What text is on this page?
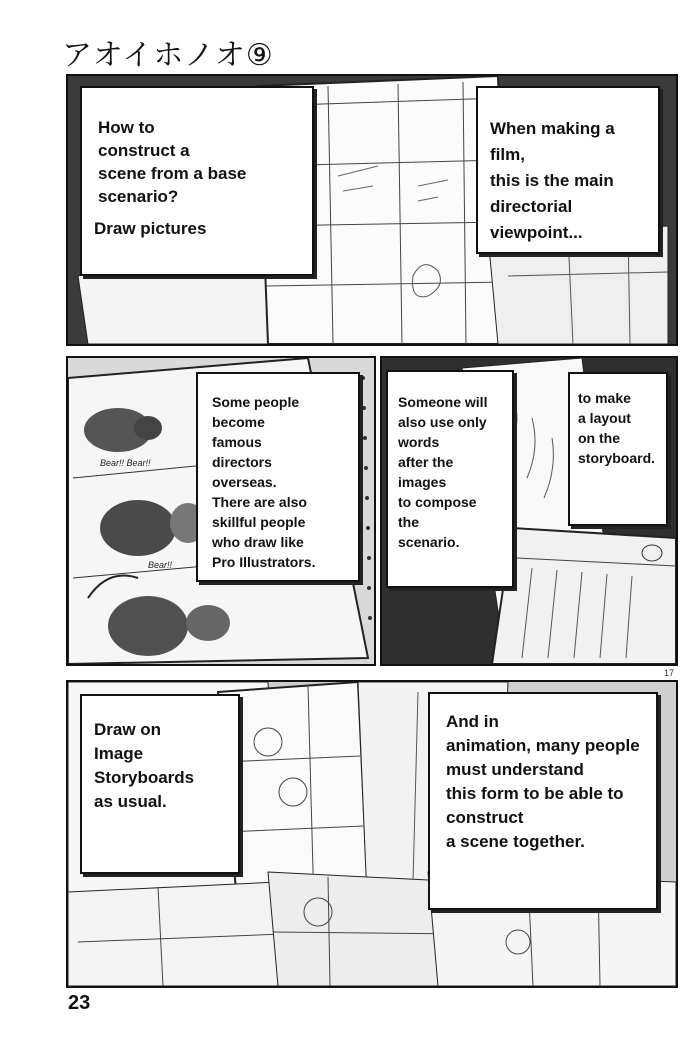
アオイホノオ⑨

How to
construct a
scene from a base
scenario?

Draw pictures

When making a
film,
this is the main
directorial
viewpoint...

Bear!! Bear!!
Bear!!

Some people
become
famous
directors
overseas.
There are also
skillful people
who draw like
Pro Illustrators.

Someone will
also use only
words
after the
images
to compose
the
scenario.

to make
a layout
on the
storyboard.

17

Draw on
Image
Storyboards
as usual.

And in
animation, many people
must understand
this form to be able to
construct
a scene together.

23
